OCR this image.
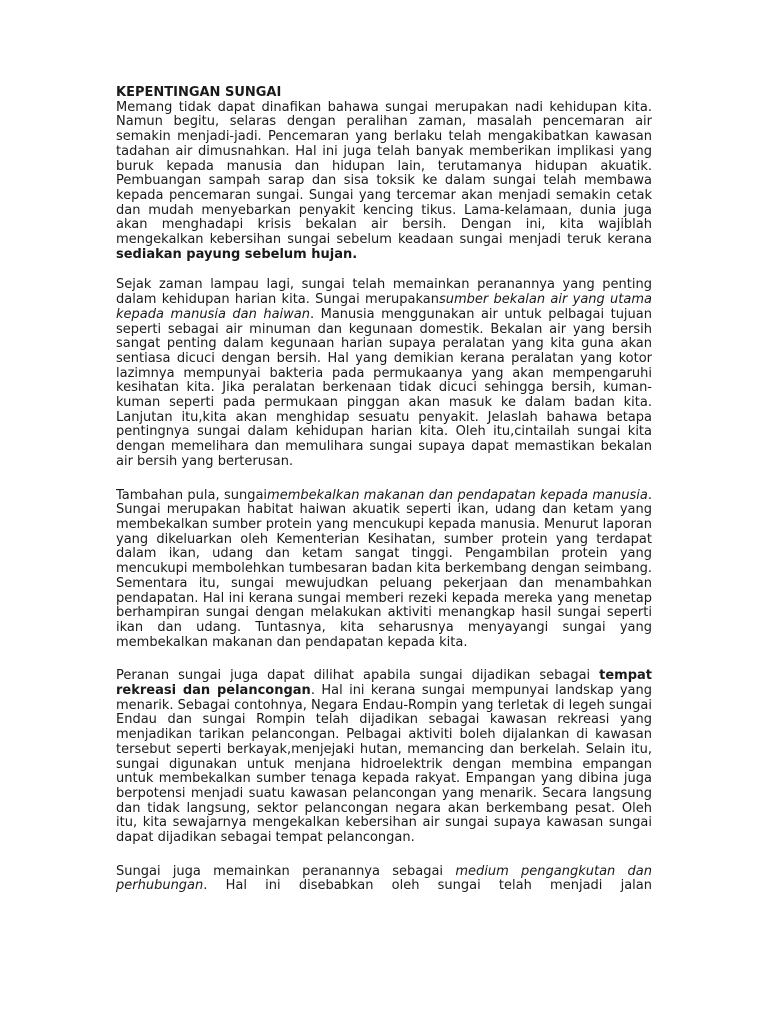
KEPENTINGAN SUNGAI

Memang tidak dapat dinafikan bahawa sungai merupakan nadi kehidupan kita. Namun begitu, selaras dengan peralihan zaman, masalah pencemaran air semakin menjadi-jadi. Pencemaran yang berlaku telah mengakibatkan kawasan tadahan air dimusnahkan. Hal ini juga telah banyak memberikan implikasi yang buruk kepada manusia dan hidupan lain, terutamanya hidupan akuatik. Pembuangan sampah sarap dan sisa toksik ke dalam sungai telah membawa kepada pencemaran sungai. Sungai yang tercemar akan menjadi semakin cetak dan mudah menyebarkan penyakit kencing tikus. Lama-kelamaan, dunia juga akan menghadapi krisis bekalan air bersih. Dengan ini, kita wajiblah mengekalkan kebersihan sungai sebelum keadaan sungai menjadi teruk kerana sediakan payung sebelum hujan.

Sejak zaman lampau lagi, sungai telah memainkan peranannya yang penting dalam kehidupan harian kita. Sungai merupakansumber bekalan air yang utama kepada manusia dan haiwan. Manusia menggunakan air untuk pelbagai tujuan seperti sebagai air minuman dan kegunaan domestik. Bekalan air yang bersih sangat penting dalam kegunaan harian supaya peralatan yang kita guna akan sentiasa dicuci dengan bersih. Hal yang demikian kerana peralatan yang kotor lazimnya mempunyai bakteria pada permukaanya yang akan mempengaruhi kesihatan kita. Jika peralatan berkenaan tidak dicuci sehingga bersih, kuman-kuman seperti pada permukaan pinggan akan masuk ke dalam badan kita. Lanjutan itu,kita akan menghidap sesuatu penyakit. Jelaslah bahawa betapa pentingnya sungai dalam kehidupan harian kita. Oleh itu,cintailah sungai kita dengan memelihara dan memulihara sungai supaya dapat memastikan bekalan air bersih yang berterusan.

Tambahan pula, sungaimembekalkan makanan dan pendapatan kepada manusia. Sungai merupakan habitat haiwan akuatik seperti ikan, udang dan ketam yang membekalkan sumber protein yang mencukupi kepada manusia. Menurut laporan yang dikeluarkan oleh Kementerian Kesihatan, sumber protein yang terdapat dalam ikan, udang dan ketam sangat tinggi. Pengambilan protein yang mencukupi membolehkan tumbesaran badan kita berkembang dengan seimbang. Sementara itu, sungai mewujudkan peluang pekerjaan dan menambahkan pendapatan. Hal ini kerana sungai memberi rezeki kepada mereka yang menetap berhampiran sungai dengan melakukan aktiviti menangkap hasil sungai seperti ikan dan udang. Tuntasnya, kita seharusnya menyayangi sungai yang membekalkan makanan dan pendapatan kepada kita.

Peranan sungai juga dapat dilihat apabila sungai dijadikan sebagai tempat rekreasi dan pelancongan. Hal ini kerana sungai mempunyai landskap yang menarik. Sebagai contohnya, Negara Endau-Rompin yang terletak di legeh sungai Endau dan sungai Rompin telah dijadikan sebagai kawasan rekreasi yang menjadikan tarikan pelancongan. Pelbagai aktiviti boleh dijalankan di kawasan tersebut seperti berkayak,menjejaki hutan, memancing dan berkelah. Selain itu, sungai digunakan untuk menjana hidroelektrik dengan membina empangan untuk membekalkan sumber tenaga kepada rakyat. Empangan yang dibina juga berpotensi menjadi suatu kawasan pelancongan yang menarik. Secara langsung dan tidak langsung, sektor pelancongan negara akan berkembang pesat. Oleh itu, kita sewajarnya mengekalkan kebersihan air sungai supaya kawasan sungai dapat dijadikan sebagai tempat pelancongan.

Sungai juga memainkan peranannya sebagai medium pengangkutan dan perhubungan. Hal ini disebabkan oleh sungai telah menjadi jalan
